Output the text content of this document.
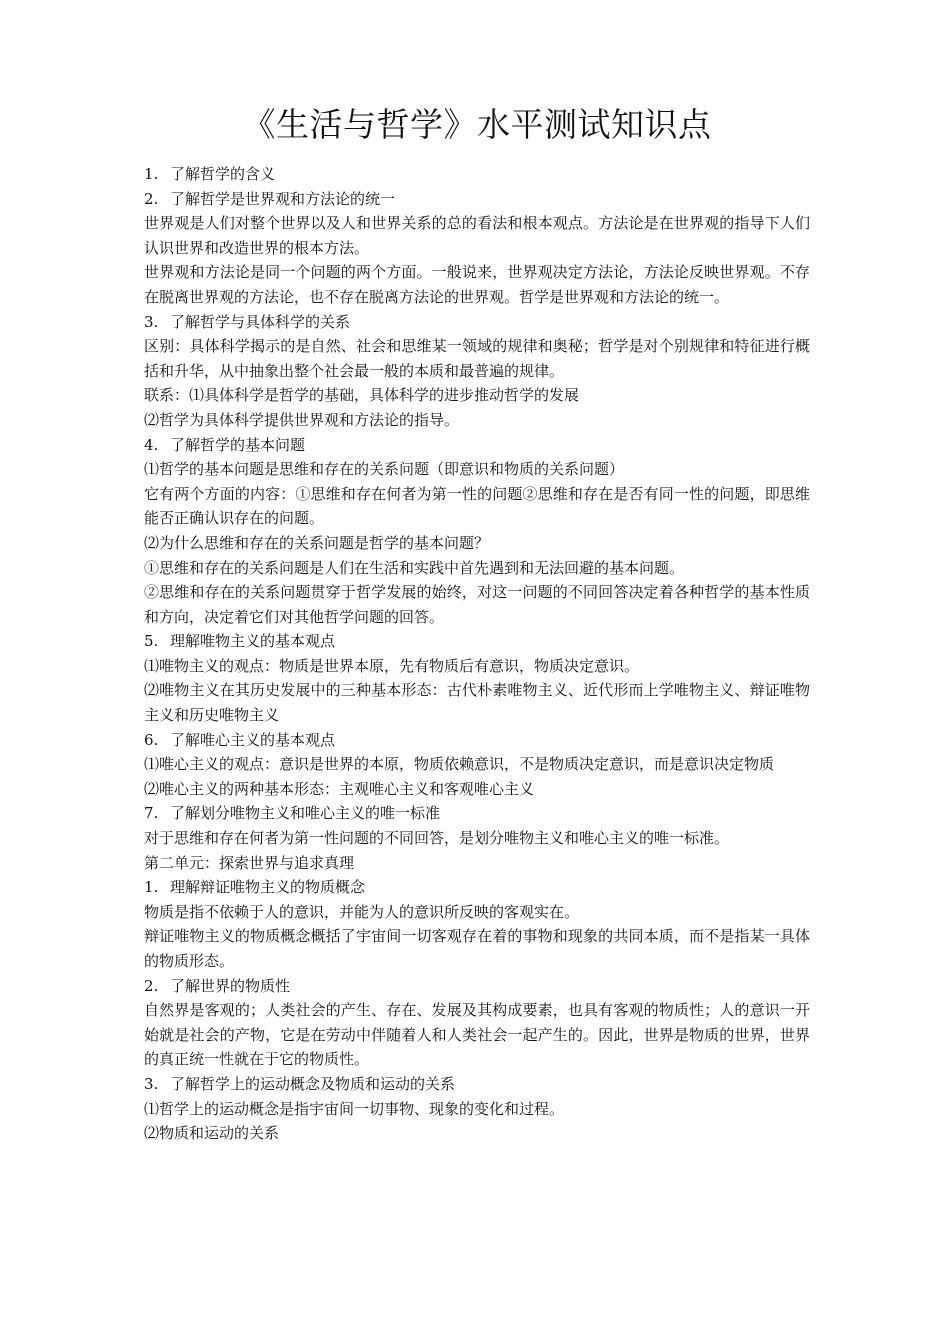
《生活与哲学》水平测试知识点

1. 了解哲学的含义

2. 了解哲学是世界观和方法论的统一

世界观是人们对整个世界以及人和世界关系的总的看法和根本观点。方法论是在世界观的指导下人们认识世界和改造世界的根本方法。

世界观和方法论是同一个问题的两个方面。一般说来，世界观决定方法论，方法论反映世界观。不存在脱离世界观的方法论，也不存在脱离方法论的世界观。哲学是世界观和方法论的统一。

3. 了解哲学与具体科学的关系

区别：具体科学揭示的是自然、社会和思维某一领域的规律和奥秘；哲学是对个别规律和特征进行概括和升华，从中抽象出整个社会最一般的本质和最普遍的规律。

联系：⑴具体科学是哲学的基础，具体科学的进步推动哲学的发展

⑵哲学为具体科学提供世界观和方法论的指导。

4. 了解哲学的基本问题

⑴哲学的基本问题是思维和存在的关系问题（即意识和物质的关系问题）

它有两个方面的内容：①思维和存在何者为第一性的问题②思维和存在是否有同一性的问题，即思维能否正确认识存在的问题。

⑵为什么思维和存在的关系问题是哲学的基本问题？

①思维和存在的关系问题是人们在生活和实践中首先遇到和无法回避的基本问题。

②思维和存在的关系问题贯穿于哲学发展的始终，对这一问题的不同回答决定着各种哲学的基本性质和方向，决定着它们对其他哲学问题的回答。

5. 理解唯物主义的基本观点

⑴唯物主义的观点：物质是世界本原，先有物质后有意识，物质决定意识。

⑵唯物主义在其历史发展中的三种基本形态：古代朴素唯物主义、近代形而上学唯物主义、辩证唯物主义和历史唯物主义

6. 了解唯心主义的基本观点

⑴唯心主义的观点：意识是世界的本原，物质依赖意识，不是物质决定意识，而是意识决定物质

⑵唯心主义的两种基本形态：主观唯心主义和客观唯心主义

7. 了解划分唯物主义和唯心主义的唯一标准

对于思维和存在何者为第一性问题的不同回答，是划分唯物主义和唯心主义的唯一标准。

第二单元：探索世界与追求真理

1. 理解辩证唯物主义的物质概念

物质是指不依赖于人的意识，并能为人的意识所反映的客观实在。

辩证唯物主义的物质概念概括了宇宙间一切客观存在着的事物和现象的共同本质，而不是指某一具体的物质形态。

2. 了解世界的物质性

自然界是客观的；人类社会的产生、存在、发展及其构成要素，也具有客观的物质性；人的意识一开始就是社会的产物，它是在劳动中伴随着人和人类社会一起产生的。因此，世界是物质的世界，世界的真正统一性就在于它的物质性。

3. 了解哲学上的运动概念及物质和运动的关系

⑴哲学上的运动概念是指宇宙间一切事物、现象的变化和过程。

⑵物质和运动的关系
